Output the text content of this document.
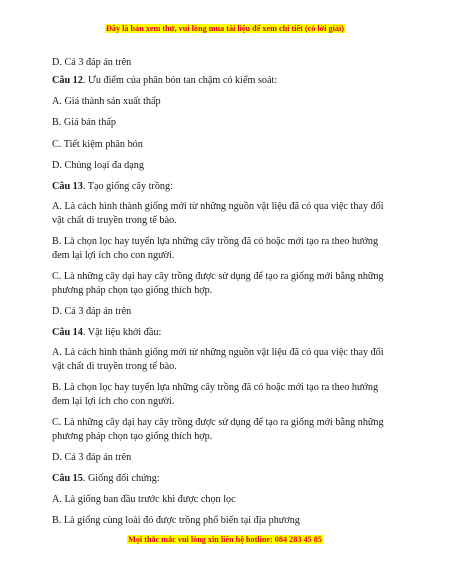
Đây là bản xem thử, vui lòng mua tài liệu để xem chi tiết (có lời giải)
D. Cả 3 đáp án trên
Câu 12. Ưu điểm của phân bón tan chậm có kiểm soát:
A. Giá thành sản xuất thấp
B. Giá bán thấp
C. Tiết kiệm phân bón
D. Chủng loại đa dạng
Câu 13. Tạo giống cây trồng:
A. Là cách hình thành giống mới từ những nguồn vật liệu đã có qua việc thay đổi
vật chất di truyền trong tế bào.
B. Là chọn lọc hay tuyển lựa những cây trồng đã có hoặc mới tạo ra theo hướng
đem lại lợi ích cho con người.
C. Là những cây dại hay cây trồng được sử dụng để tạo ra giống mới bằng những
phương pháp chọn tạo giống thích hợp.
D. Cả 3 đáp án trên
Câu 14. Vật liệu khởi đầu:
A. Là cách hình thành giống mới từ những nguồn vật liệu đã có qua việc thay đổi
vật chất di truyền trong tế bào.
B. Là chọn lọc hay tuyển lựa những cây trồng đã có hoặc mới tạo ra theo hướng
đem lại lợi ích cho con người.
C. Là những cây dại hay cây trồng được sử dụng để tạo ra giống mới bằng những
phương pháp chọn tạo giống thích hợp.
D. Cả 3 đáp án trên
Câu 15. Giống đối chứng:
A. Là giống ban đầu trước khi được chọn lọc
B. Là giống cùng loài đó được trồng phổ biến tại địa phương
Mọi thắc mắc vui lòng xin liên hệ hotline: 084 283 45 85
